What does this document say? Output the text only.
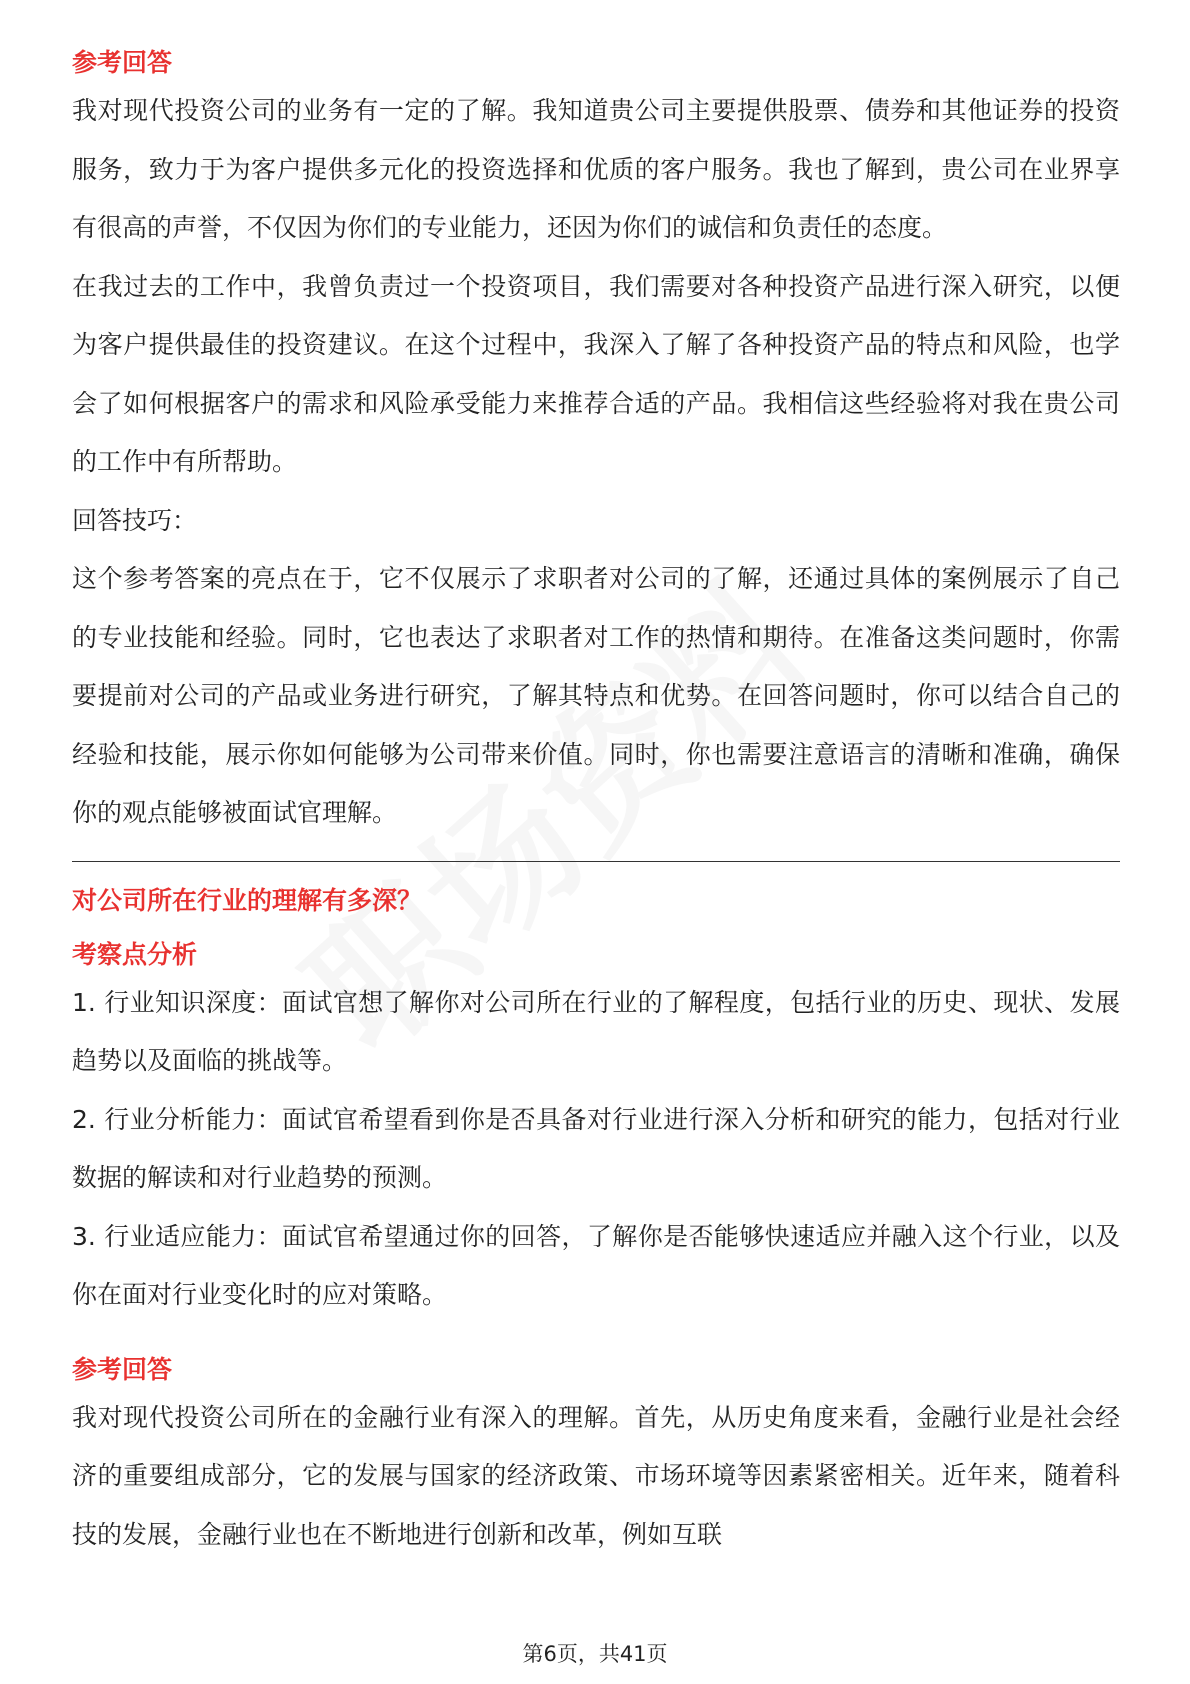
参考回答

我对现代投资公司的业务有一定的了解。我知道贵公司主要提供股票、债券和其他证券的投资服务，致力于为客户提供多元化的投资选择和优质的客户服务。我也了解到，贵公司在业界享有很高的声誉，不仅因为你们的专业能力，还因为你们的诚信和负责任的态度。

在我过去的工作中，我曾负责过一个投资项目，我们需要对各种投资产品进行深入研究，以便为客户提供最佳的投资建议。在这个过程中，我深入了解了各种投资产品的特点和风险，也学会了如何根据客户的需求和风险承受能力来推荐合适的产品。我相信这些经验将对我在贵公司的工作中有所帮助。

回答技巧：

这个参考答案的亮点在于，它不仅展示了求职者对公司的了解，还通过具体的案例展示了自己的专业技能和经验。同时，它也表达了求职者对工作的热情和期待。在准备这类问题时，你需要提前对公司的产品或业务进行研究，了解其特点和优势。在回答问题时，你可以结合自己的经验和技能，展示你如何能够为公司带来价值。同时，你也需要注意语言的清晰和准确，确保你的观点能够被面试官理解。

对公司所在行业的理解有多深？
考察点分析

1. 行业知识深度：面试官想了解你对公司所在行业的了解程度，包括行业的历史、现状、发展趋势以及面临的挑战等。

2. 行业分析能力：面试官希望看到你是否具备对行业进行深入分析和研究的能力，包括对行业数据的解读和对行业趋势的预测。

3. 行业适应能力：面试官希望通过你的回答，了解你是否能够快速适应并融入这个行业，以及你在面对行业变化时的应对策略。

参考回答

我对现代投资公司所在的金融行业有深入的理解。首先，从历史角度来看，金融行业是社会经济的重要组成部分，它的发展与国家的经济政策、市场环境等因素紧密相关。近年来，随着科技的发展，金融行业也在不断地进行创新和改革，例如互联

第6页，共41页
